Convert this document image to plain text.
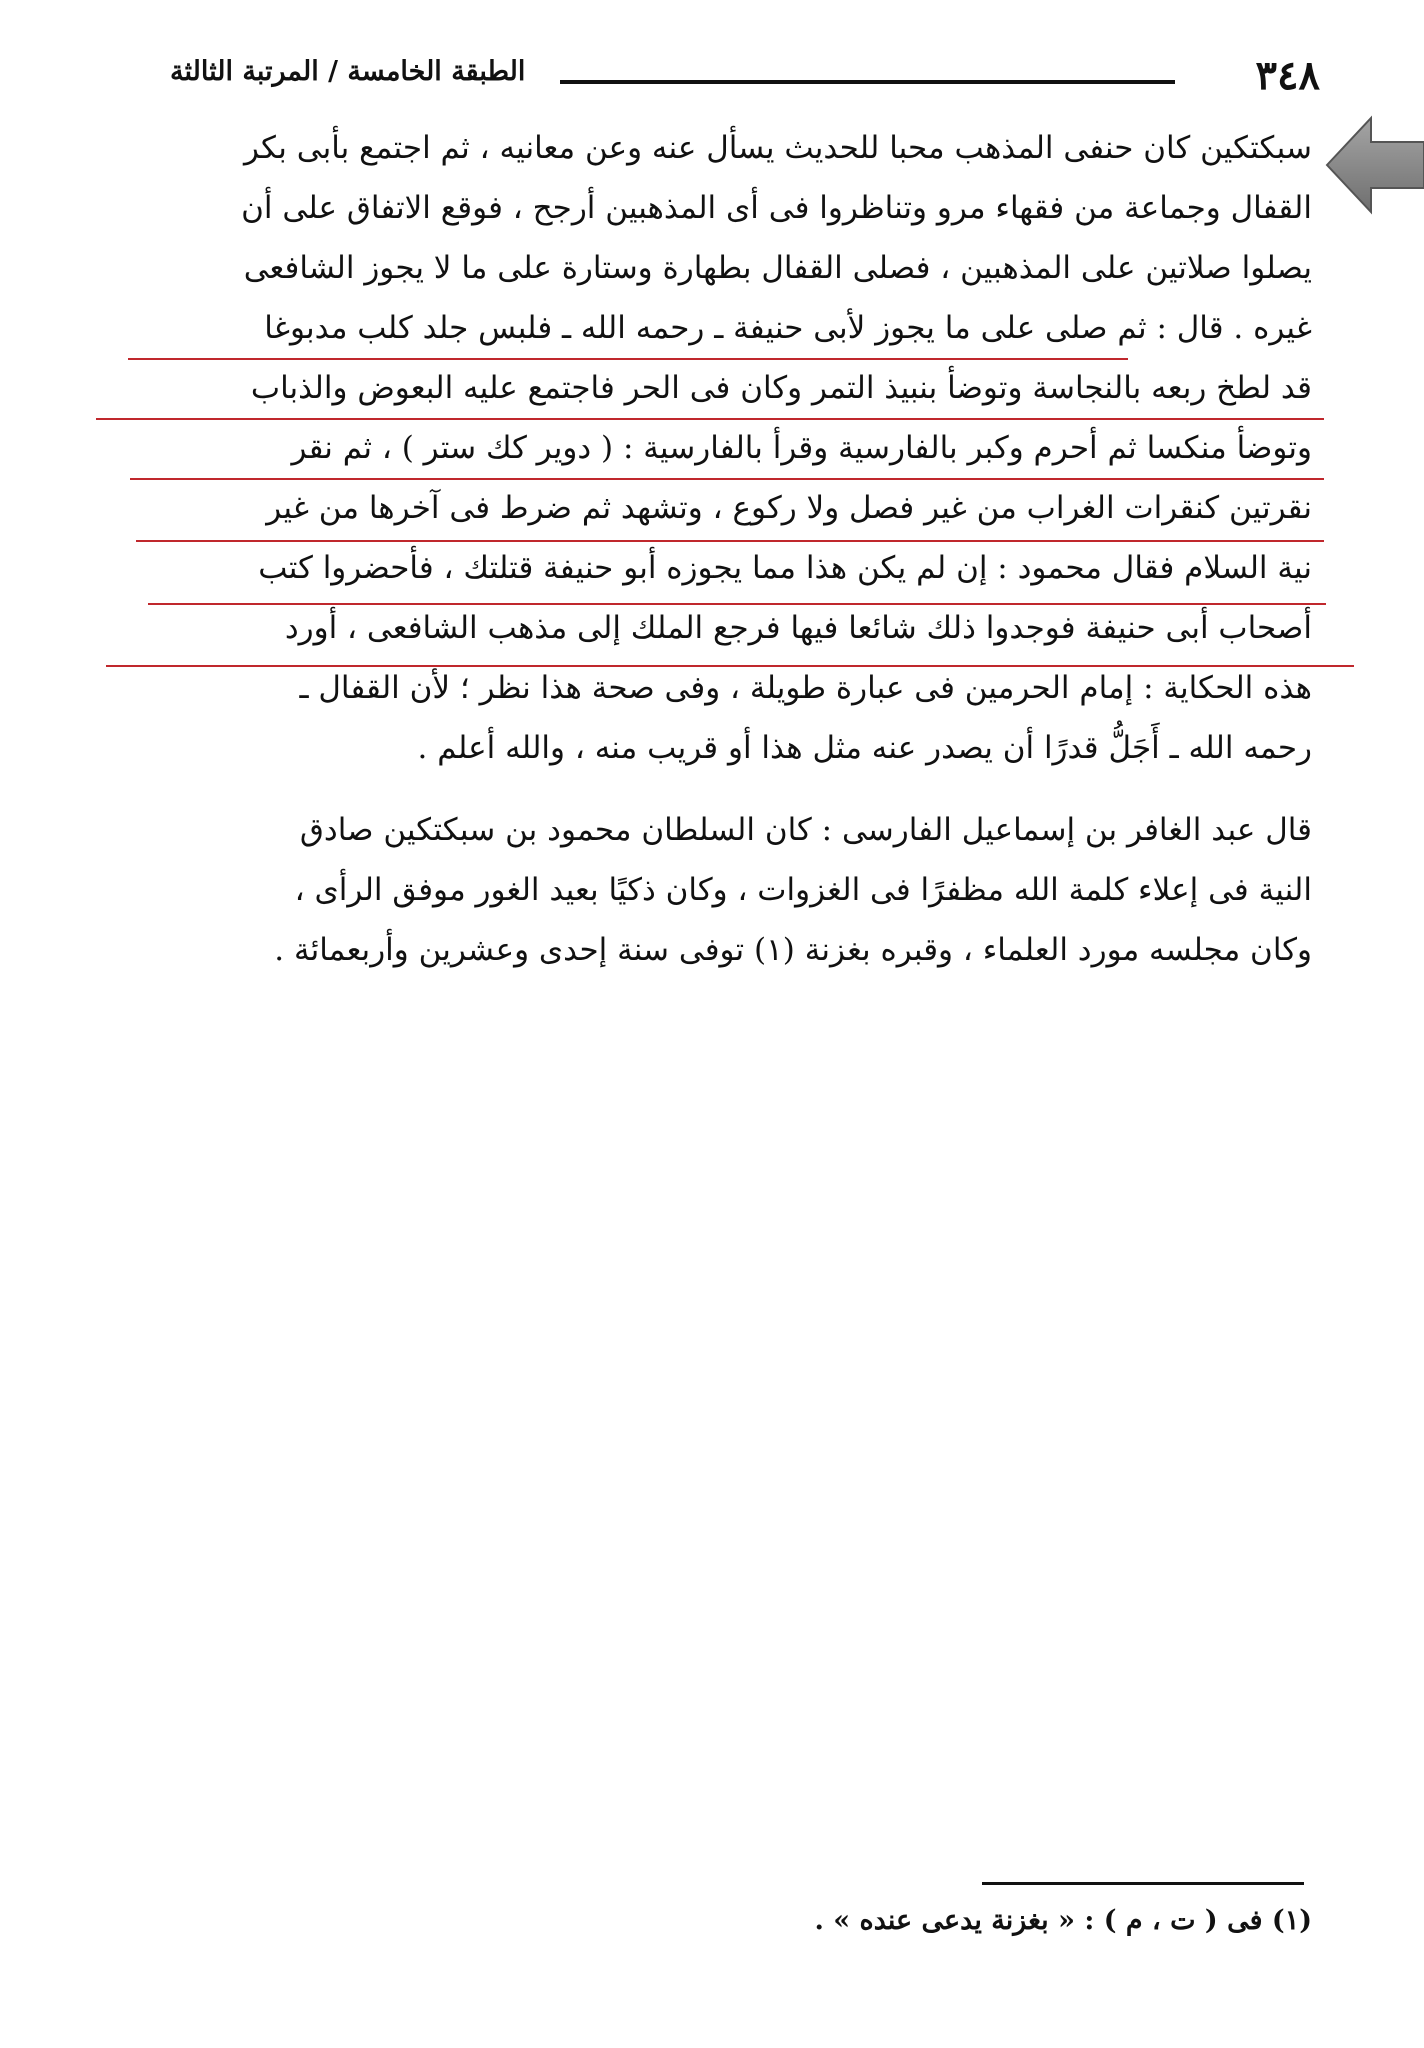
٣٤٨
الطبقة الخامسة / المرتبة الثالثة
سبكتكين كان حنفى المذهب محبا للحديث يسأل عنه وعن معانيه ، ثم اجتمع بأبى بكر
القفال وجماعة من فقهاء مرو وتناظروا فى أى المذهبين أرجح ، فوقع الاتفاق على أن
يصلوا صلاتين على المذهبين ، فصلى القفال بطهارة وستارة على ما لا يجوز الشافعى
غيره . قال : ثم صلى على ما يجوز لأبى حنيفة ـ رحمه الله ـ فلبس جلد كلب مدبوغا
قد لطخ ربعه بالنجاسة وتوضأ بنبيذ التمر وكان فى الحر فاجتمع عليه البعوض والذباب
وتوضأ منكسا ثم أحرم وكبر بالفارسية وقرأ بالفارسية : ( دوير كك ستر ) ، ثم نقر
نقرتين كنقرات الغراب من غير فصل ولا ركوع ، وتشهد ثم ضرط فى آخرها من غير
نية السلام فقال محمود : إن لم يكن هذا مما يجوزه أبو حنيفة قتلتك ، فأحضروا كتب
أصحاب أبى حنيفة فوجدوا ذلك شائعا فيها فرجع الملك إلى مذهب الشافعى ، أورد
هذه الحكاية : إمام الحرمين فى عبارة طويلة ، وفى صحة هذا نظر ؛ لأن القفال ـ
رحمه الله ـ أَجَلُّ قدرًا أن يصدر عنه مثل هذا أو قريب منه ، والله أعلم .
قال عبد الغافر بن إسماعيل الفارسى : كان السلطان محمود بن سبكتكين صادق
النية فى إعلاء كلمة الله مظفرًا فى الغزوات ، وكان ذكيًا بعيد الغور موفق الرأى ،
وكان مجلسه مورد العلماء ، وقبره بغزنة (١) توفى سنة إحدى وعشرين وأربعمائة .
(١) فى ( ت ، م ) : « بغزنة يدعى عنده » .
